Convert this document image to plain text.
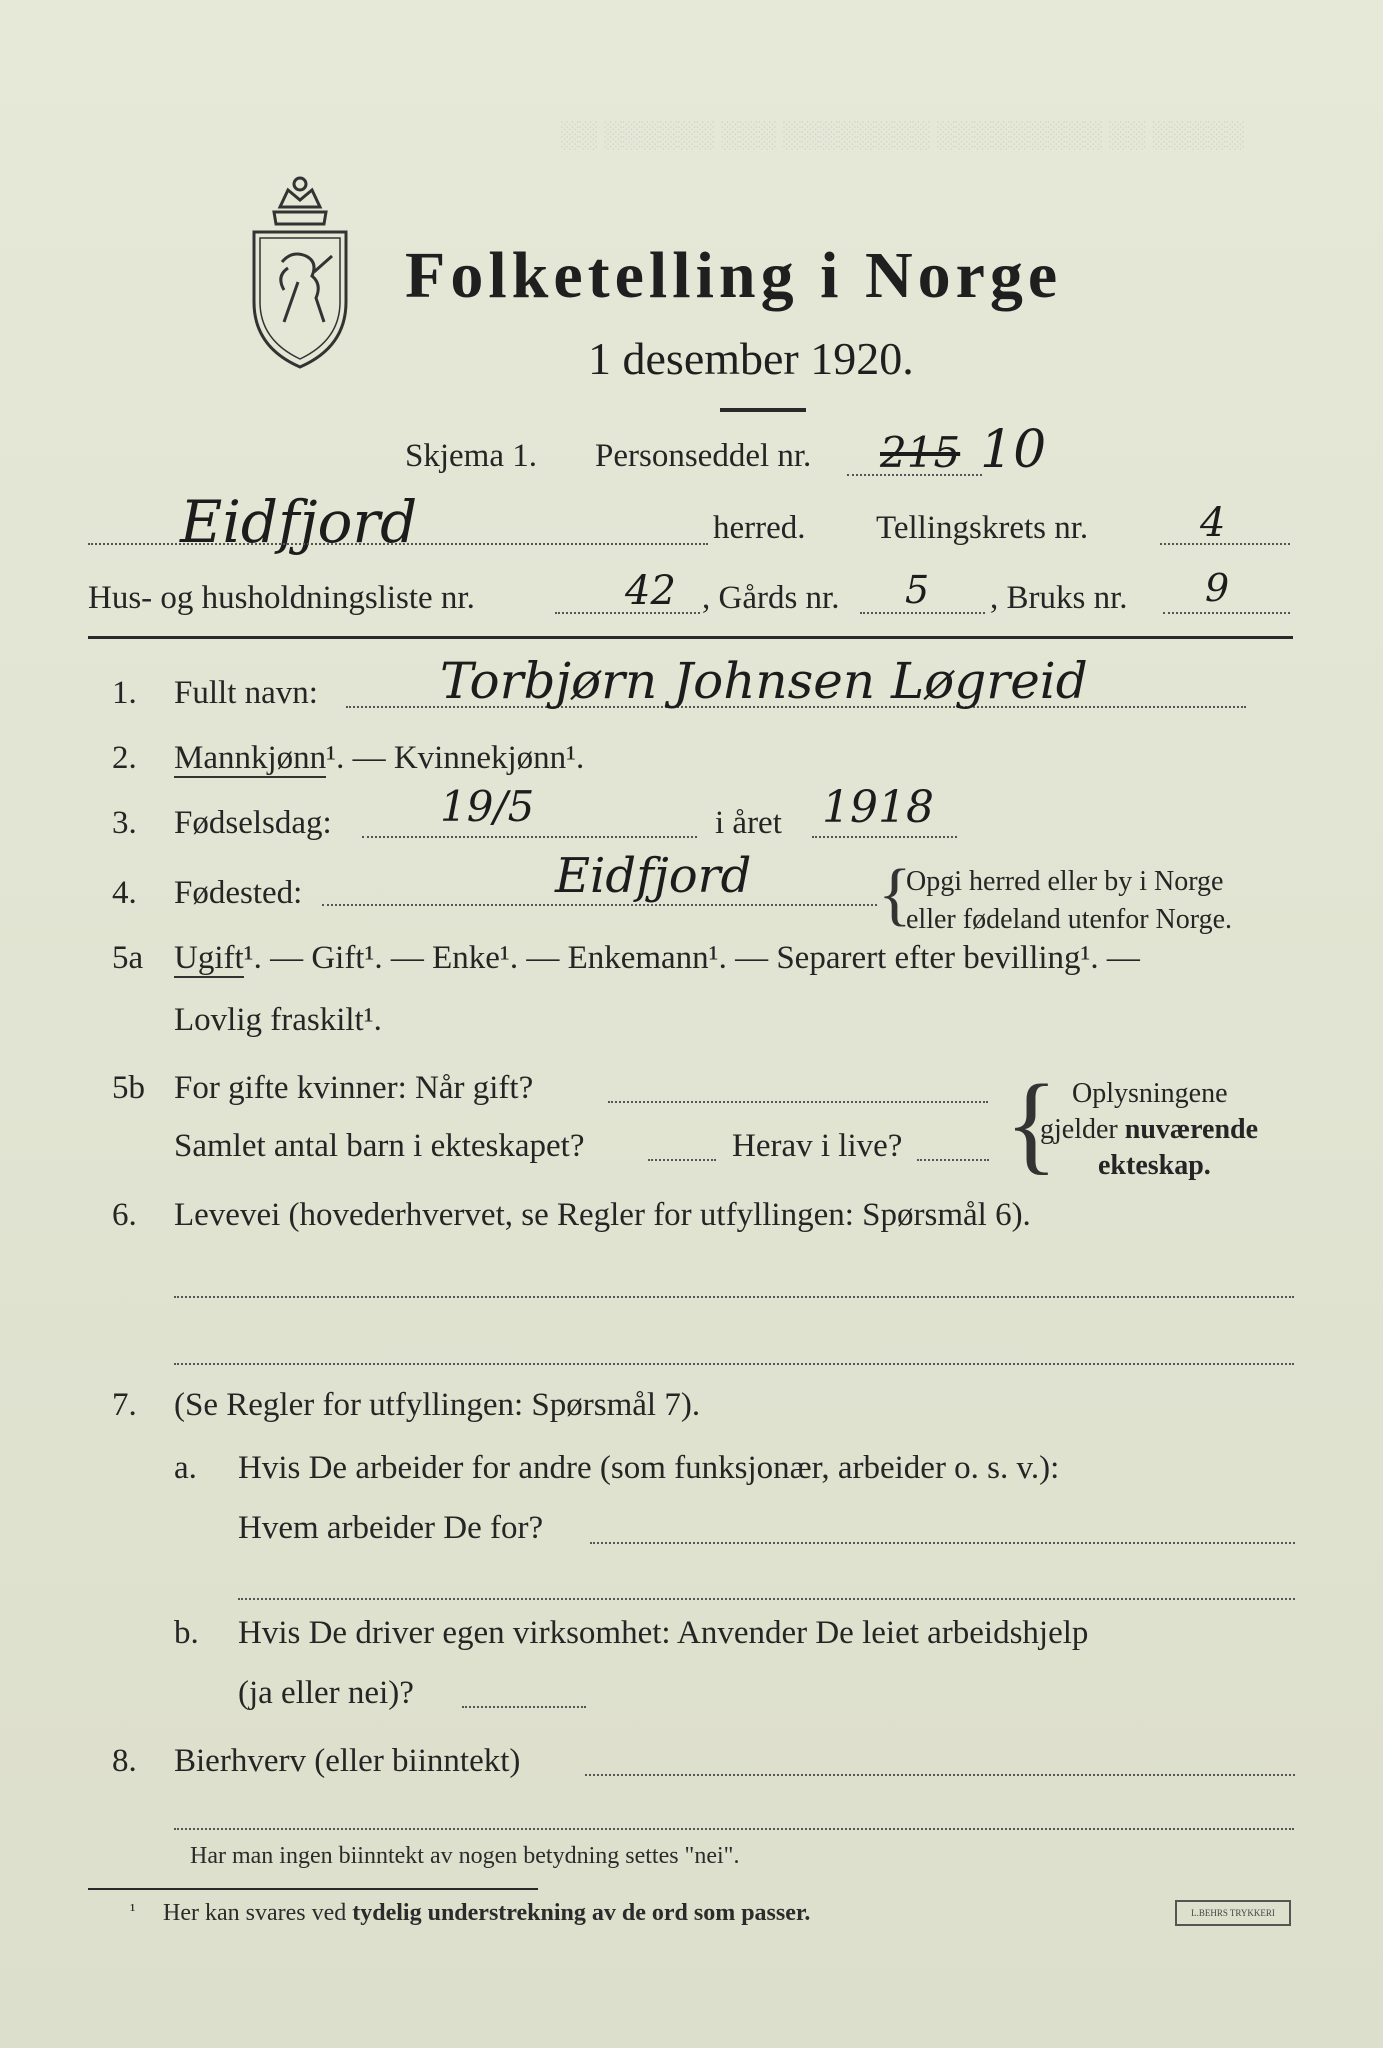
░░ ░░░░░░ ░░░ ░░░░░░░░ ░░░░░░░░░ ░░ ░░░░░
Folketelling i Norge
1 desember 1920.
Skjema 1. Personseddel nr. 215 10
Eidfjord	herred. Tellingskrets nr.	4
Hus- og husholdningsliste nr.	42 , Gårds nr. 5 , Bruks nr. 9
1. Fullt navn: Torbjørn Johnsen Løgreid
2. Mannkjønn¹. — Kvinnekjønn¹.
3. Fødselsdag:	19/5	i året 1918
4. Fødested:	Eidfjord {
Opgi herred eller by i Norge
eller fødeland utenfor Norge.
5a Ugift¹. — Gift¹. — Enke¹. — Enkemann¹. — Separert efter bevilling¹. —
Lovlig fraskilt¹.
5b For gifte kvinner: Når gift?
Samlet antal barn i ekteskapet?	Herav i live? { Oplysningene
gjelder nuværende
ekteskap.
6. Levevei (hovederhvervet, se Regler for utfyllingen: Spørsmål 6).
7. (Se Regler for utfyllingen: Spørsmål 7).
a. Hvis De arbeider for andre (som funksjonær, arbeider o. s. v.):
Hvem arbeider De for?
b. Hvis De driver egen virksomhet: Anvender De leiet arbeidshjelp
(ja eller nei)?
8. Bierhverv (eller biinntekt)
Har man ingen biinntekt av nogen betydning settes "nei".
¹ Her kan svares ved tydelig understrekning av de ord som passer.	L.BEHRS TRYKKERI
